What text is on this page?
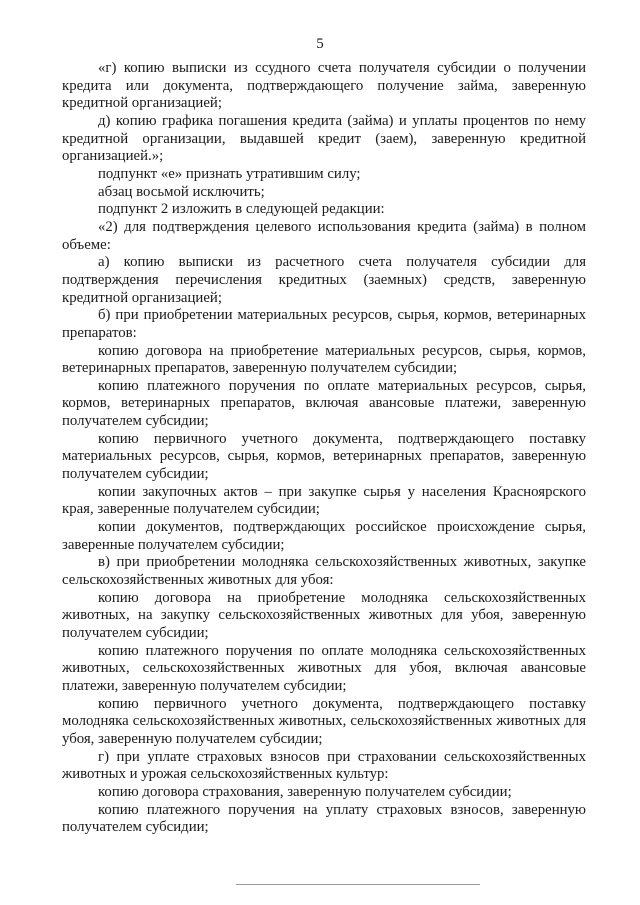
5

«г) копию выписки из ссудного счета получателя субсидии о получении кредита или документа, подтверждающего получение займа, заверенную кредитной организацией;

д) копию графика погашения кредита (займа) и уплаты процентов по нему кредитной организации, выдавшей кредит (заем), заверенную кредитной организацией.»;

подпункт «е» признать утратившим силу;

абзац восьмой исключить;

подпункт 2 изложить в следующей редакции:

«2) для подтверждения целевого использования кредита (займа) в полном объеме:

а) копию выписки из расчетного счета получателя субсидии для подтверждения перечисления кредитных (заемных) средств, заверенную кредитной организацией;

б) при приобретении материальных ресурсов, сырья, кормов, ветеринарных препаратов:

копию договора на приобретение материальных ресурсов, сырья, кормов, ветеринарных препаратов, заверенную получателем субсидии;

копию платежного поручения по оплате материальных ресурсов, сырья, кормов, ветеринарных препаратов, включая авансовые платежи, заверенную получателем субсидии;

копию первичного учетного документа, подтверждающего поставку материальных ресурсов, сырья, кормов, ветеринарных препаратов, заверенную получателем субсидии;

копии закупочных актов – при закупке сырья у населения Красноярского края, заверенные получателем субсидии;

копии документов, подтверждающих российское происхождение сырья, заверенные получателем субсидии;

в) при приобретении молодняка сельскохозяйственных животных, закупке сельскохозяйственных животных для убоя:

копию договора на приобретение молодняка сельскохозяйственных животных, на закупку сельскохозяйственных животных для убоя, заверенную получателем субсидии;

копию платежного поручения по оплате молодняка сельскохозяйственных животных, сельскохозяйственных животных для убоя, включая авансовые платежи, заверенную получателем субсидии;

копию первичного учетного документа, подтверждающего поставку молодняка сельскохозяйственных животных, сельскохозяйственных животных для убоя, заверенную получателем субсидии;

г) при уплате страховых взносов при страховании сельскохозяйственных животных и урожая сельскохозяйственных культур:

копию договора страхования, заверенную получателем субсидии;

копию платежного поручения на уплату страховых взносов, заверенную получателем субсидии;
